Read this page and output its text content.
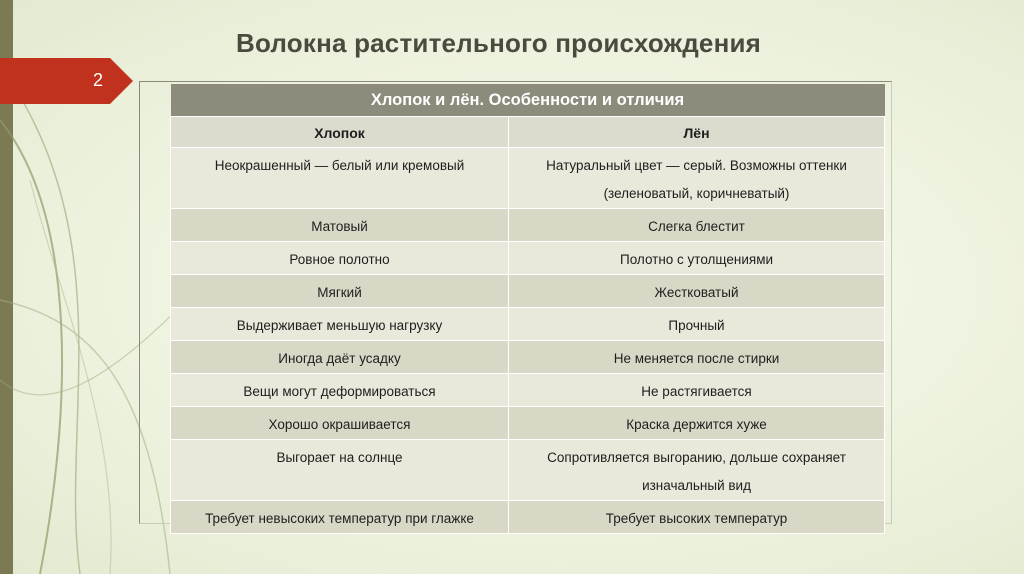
Волокна растительного происхождения
2
Хлопок и лён. Особенности и отличия	
Хлопок	Лён
Неокрашенный — белый или кремовый	Натуральный цвет — серый. Возможны оттенки (зеленоватый, коричневатый)
Матовый	Слегка блестит
Ровное полотно	Полотно с утолщениями
Мягкий	Жестковатый
Выдерживает меньшую нагрузку	Прочный
Иногда даёт усадку	Не меняется после стирки
Вещи могут деформироваться	Не растягивается
Хорошо окрашивается	Краска держится хуже
Выгорает на солнце	Сопротивляется выгоранию, дольше сохраняет изначальный вид
Требует невысоких температур при глажке	Требует высоких температур
